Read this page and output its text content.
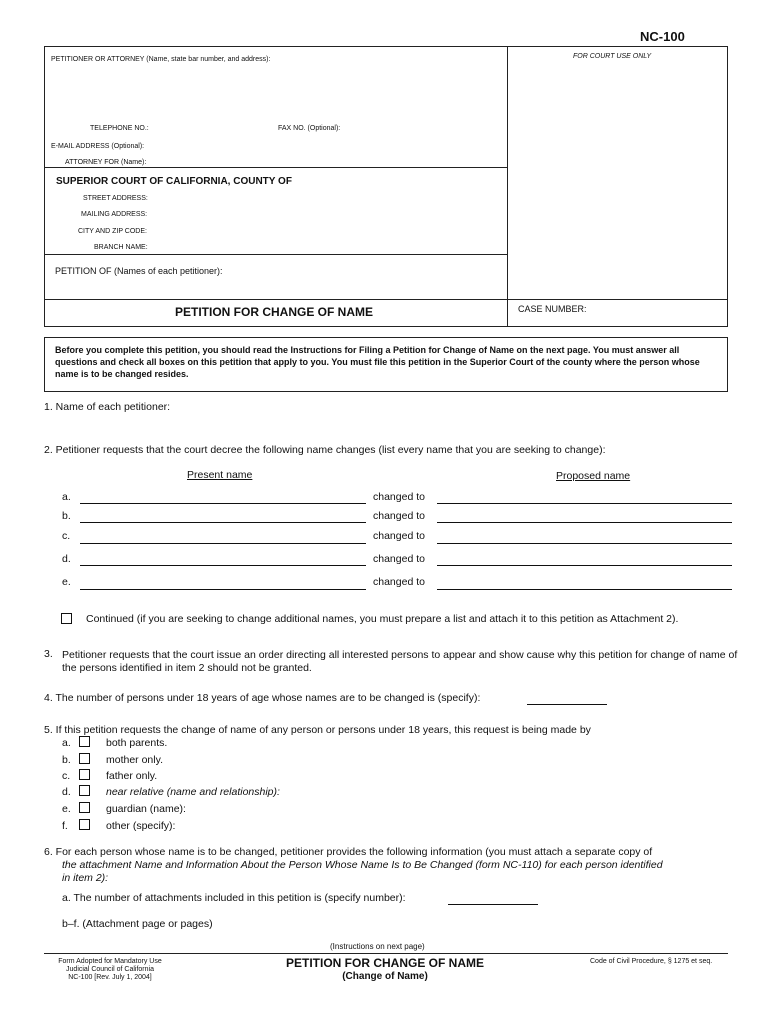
NC-100
PETITIONER OR ATTORNEY (Name, state bar number, and address):	FOR COURT USE ONLY
TELEPHONE NO.:	FAX NO. (Optional):
E-MAIL ADDRESS (Optional):
ATTORNEY FOR (Name):
SUPERIOR COURT OF CALIFORNIA, COUNTY OF
STREET ADDRESS:
MAILING ADDRESS:
CITY AND ZIP CODE:
BRANCH NAME:
PETITION OF (Names of each petitioner):
PETITION FOR CHANGE OF NAME	CASE NUMBER:
Before you complete this petition, you should read the Instructions for Filing a Petition for Change of Name on the next page. You must answer all questions and check all boxes on this petition that apply to you. You must file this petition in the Superior Court of the county where the person whose name is to be changed resides.
1. Name of each petitioner:
2. Petitioner requests that the court decree the following name changes (list every name that you are seeking to change):
Present name	Proposed name
a.	changed to
b.	changed to
c.	changed to
d.	changed to
e.	changed to
Continued (if you are seeking to change additional names, you must prepare a list and attach it to this petition as Attachment 2).
3. Petitioner requests that the court issue an order directing all interested persons to appear and show cause why this petition for change of name of the persons identified in item 2 should not be granted.
4. The number of persons under 18 years of age whose names are to be changed is (specify):
5. If this petition requests the change of name of any person or persons under 18 years, this request is being made by
a.	both parents.
b.	mother only.
c.	father only.
d.	near relative (name and relationship):
e.	guardian (name):
f.	other (specify):
6. For each person whose name is to be changed, petitioner provides the following information (you must attach a separate copy of
the attachment Name and Information About the Person Whose Name Is to Be Changed (form NC-110) for each person identified
in item 2):
a. The number of attachments included in this petition is (specify number):
b–f. (Attachment page or pages)
(Instructions on next page)
Form Adopted for Mandatory Use
Judicial Council of California
NC-100 [Rev. July 1, 2004]
PETITION FOR CHANGE OF NAME
(Change of Name)
Code of Civil Procedure, § 1275 et seq.
